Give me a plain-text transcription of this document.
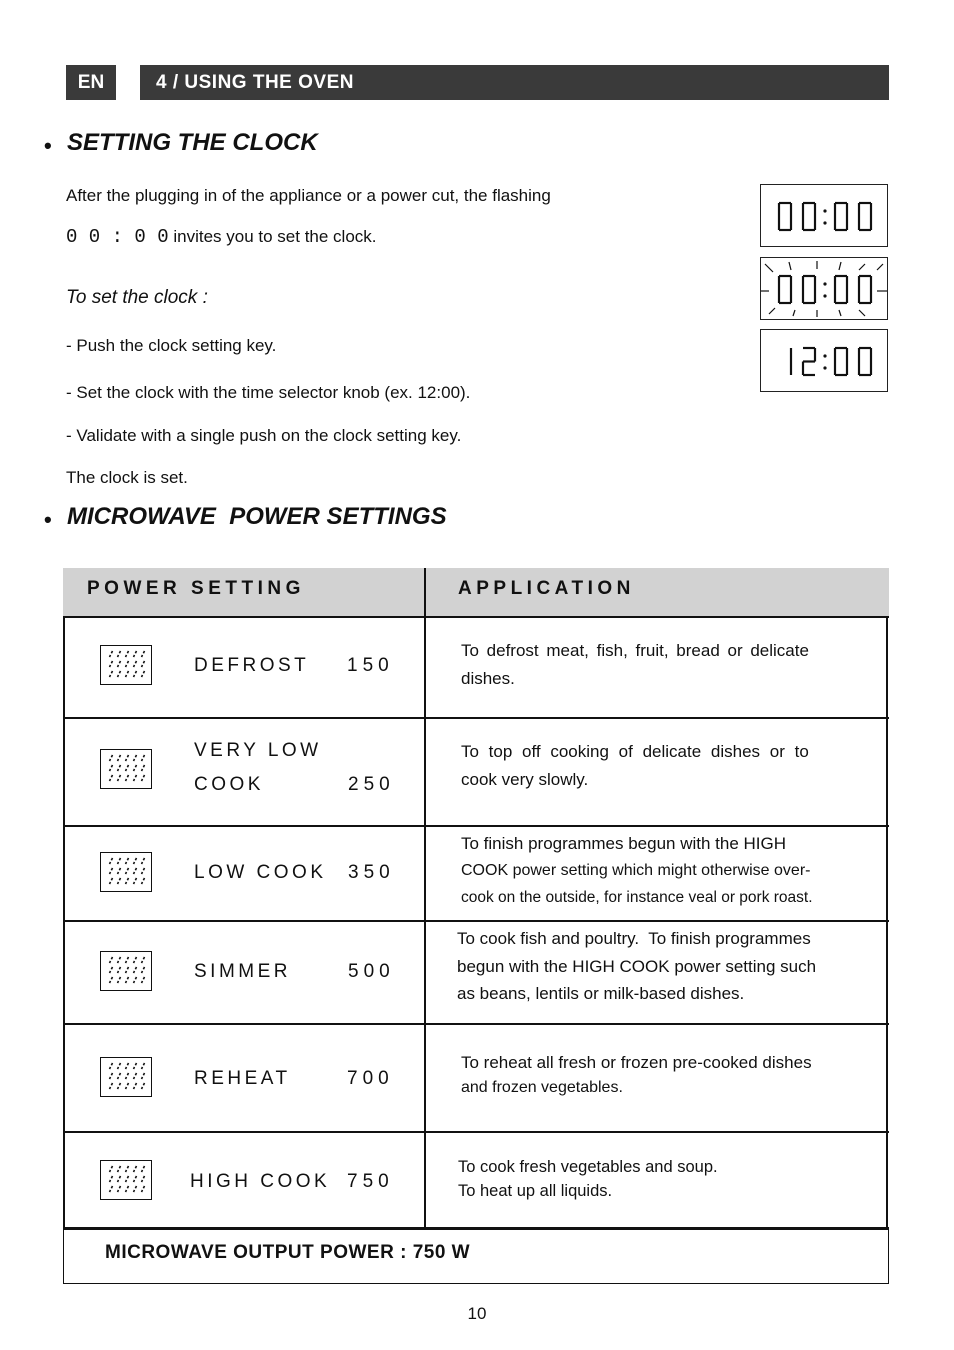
EN	4 / USING THE OVEN
• SETTING THE CLOCK
After the plugging in of the appliance or a power cut, the flashing
0 0 : 0 0 invites you to set the clock.
To set the clock :
- Push the clock setting key.
- Set the clock with the time selector knob (ex. 12:00).
- Validate with a single push on the clock setting key.
The clock is set.
• MICROWAVE  POWER SETTINGS
POWER SETTING	APPLICATION
DEFROST 150
To defrost meat, fish, fruit, bread or delicate
dishes.
VERY LOW
COOK	250
To top off cooking of delicate dishes or to
cook very slowly.
LOW COOK 350
To finish programmes begun with the HIGH
COOK power setting which might otherwise over-
cook on the outside, for instance veal or pork roast.
SIMMER	500
To cook fish and poultry.  To finish programmes
begun with the HIGH COOK power setting such
as beans, lentils or milk-based dishes.
REHEAT	700
To reheat all fresh or frozen pre-cooked dishes
and frozen vegetables.
HIGH COOK 750
To cook fresh vegetables and soup.
To heat up all liquids.
MICROWAVE OUTPUT POWER : 750 W
10
